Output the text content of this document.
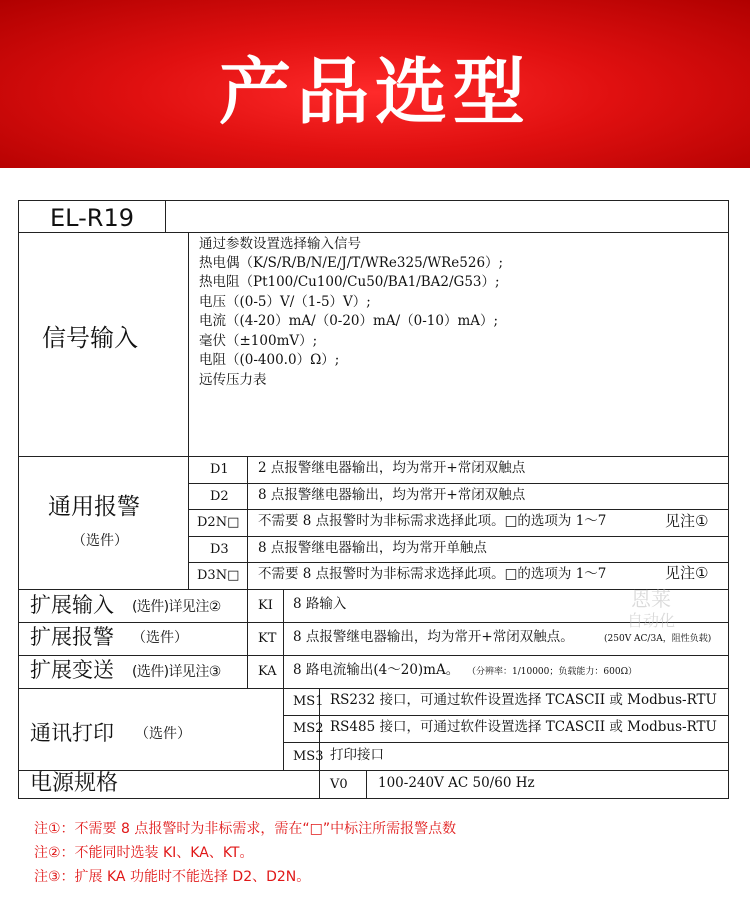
产品选型
EL-R19
信号输入
通过参数设置选择输入信号
热电偶（K/S/R/B/N/E/J/T/WRe325/WRe526）;
热电阻（Pt100/Cu100/Cu50/BA1/BA2/G53）;
电压（(0-5）V/（1-5）V）;
电流（(4-20）mA/（0-20）mA/（0-10）mA）;
毫伏（±100mV）;
电阻（(0-400.0）Ω）;
远传压力表
通用报警
（选件）
D1 2 点报警继电器输出，均为常开+常闭双触点
D2 8 点报警继电器输出，均为常开+常闭双触点
D2N□ 不需要 8 点报警时为非标需求选择此项。□的选项为 1～7	见注①
D3 8 点报警继电器输出，均为常开单触点
D3N□ 不需要 8 点报警时为非标需求选择此项。□的选项为 1～7	见注①
扩展输入 (选件)详见注②	KI 8 路输入
扩展报警 （选件）	KT 8 点报警继电器输出，均为常开+常闭双触点。	(250V AC/3A，阻性负载)
扩展变送 (选件)详见注③	KA 8 路电流输出(4～20)mA。 （分辨率：1/10000；负载能力：600Ω）
通讯打印 （选件）
MS1 RS232 接口，可通过软件设置选择 TCASCII 或 Modbus-RTU
MS2 RS485 接口，可通过软件设置选择 TCASCII 或 Modbus-RTU
MS3 打印接口
电源规格	V0 100-240V AC 50/60 Hz
恩莱
自动化
注①：不需要 8 点报警时为非标需求，需在“□”中标注所需报警点数
注②：不能同时选装 KI、KA、KT。
注③：扩展 KA 功能时不能选择 D2、D2N。
